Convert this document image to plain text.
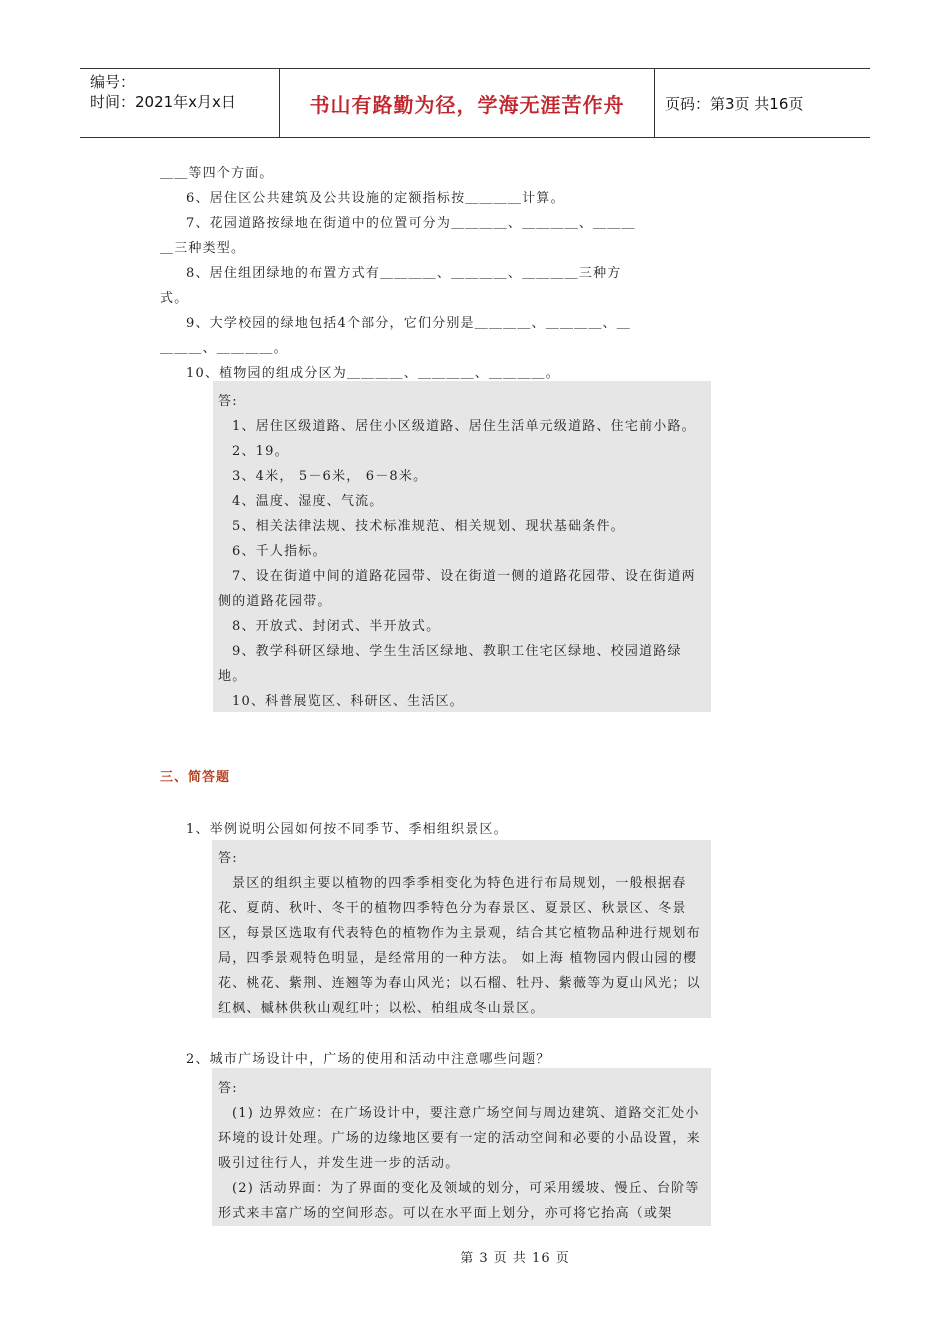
编号：
时间：2021年x月x日	书山有路勤为径，学海无涯苦作舟	页码：第3页 共16页
＿＿等四个方面。
6、居住区公共建筑及公共设施的定额指标按＿＿＿＿计算。
7、花园道路按绿地在街道中的位置可分为＿＿＿＿、＿＿＿＿、＿＿＿
＿三种类型。
8、居住组团绿地的布置方式有＿＿＿＿、＿＿＿＿、＿＿＿＿三种方
式。
9、大学校园的绿地包括4个部分，它们分别是＿＿＿＿、＿＿＿＿、＿
＿＿＿、＿＿＿＿。
10、植物园的组成分区为＿＿＿＿、＿＿＿＿、＿＿＿＿。
答:
1、居住区级道路、居住小区级道路、居住生活单元级道路、住宅前小路。
2、19。
3、4米， 5－6米， 6－8米。
4、温度、湿度、气流。
5、相关法律法规、技术标准规范、相关规划、现状基础条件。
6、千人指标。
7、设在街道中间的道路花园带、设在街道一侧的道路花园带、设在街道两
侧的道路花园带。
8、开放式、封闭式、半开放式。
9、教学科研区绿地、学生生活区绿地、教职工住宅区绿地、校园道路绿
地。
10、科普展览区、科研区、生活区。
三、简答题
1、举例说明公园如何按不同季节、季相组织景区。
答:
景区的组织主要以植物的四季季相变化为特色进行布局规划，一般根据春
花、夏荫、秋叶、冬干的植物四季特色分为春景区、夏景区、秋景区、冬景
区，每景区选取有代表特色的植物作为主景观，结合其它植物品种进行规划布
局，四季景观特色明显，是经常用的一种方法。 如上海 植物园内假山园的樱
花、桃花、紫荆、连翘等为春山风光；以石榴、牡丹、紫薇等为夏山风光；以
红枫、槭林供秋山观红叶；以松、柏组成冬山景区。
2、城市广场设计中，广场的使用和活动中注意哪些问题？
答:
(1) 边界效应：在广场设计中，要注意广场空间与周边建筑、道路交汇处小
环境的设计处理。广场的边缘地区要有一定的活动空间和必要的小品设置，来
吸引过往行人，并发生进一步的活动。
(2) 活动界面：为了界面的变化及领域的划分，可采用缓坡、慢丘、台阶等
形式来丰富广场的空间形态。可以在水平面上划分，亦可将它抬高（或架
第 3 页 共 16 页
